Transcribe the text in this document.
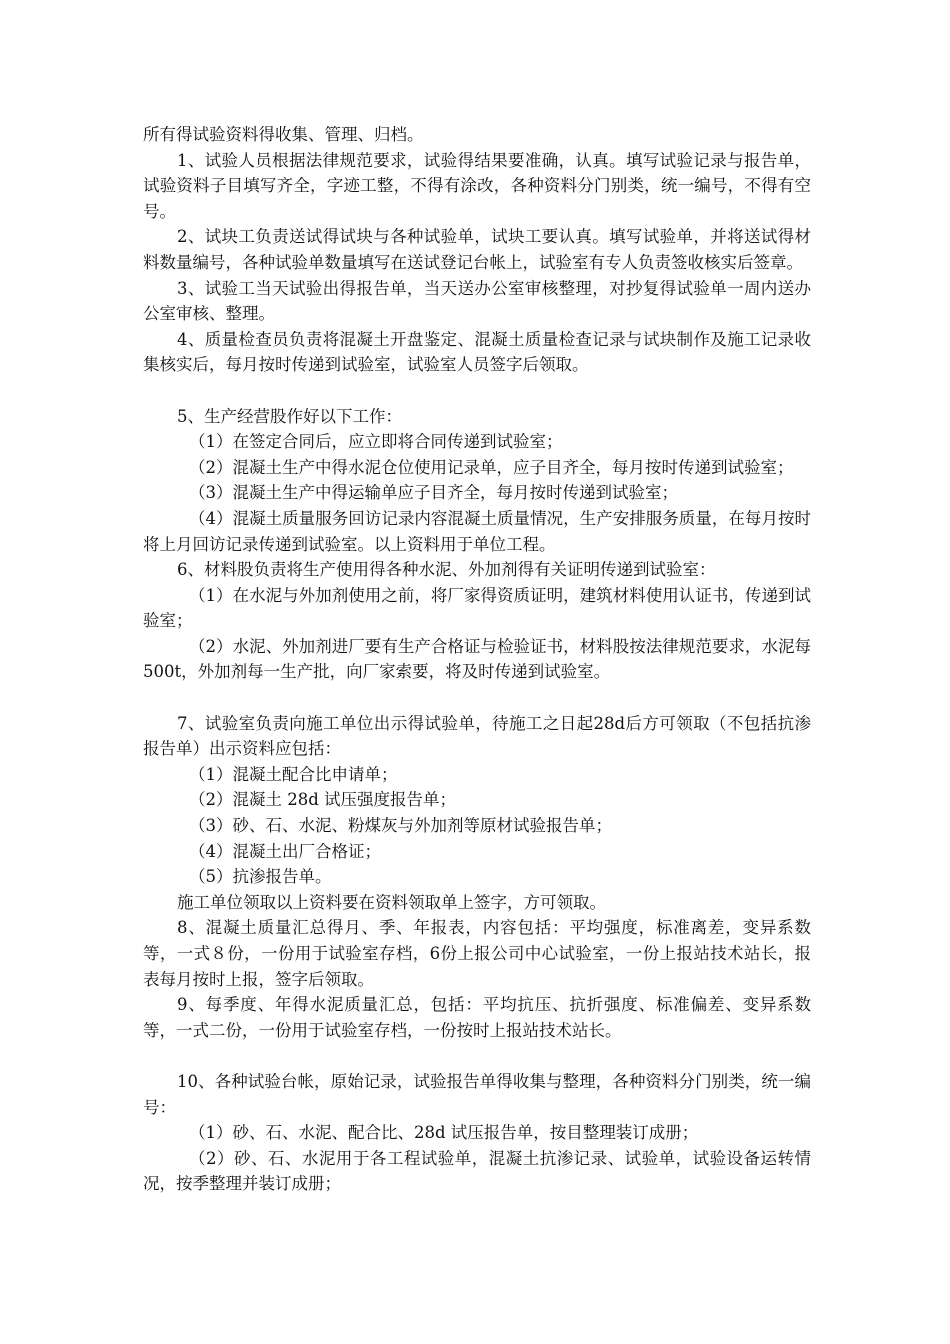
所有得试验资料得收集、管理、归档。

1、试验人员根据法律规范要求，试验得结果要准确，认真。填写试验记录与报告单，试验资料子目填写齐全，字迹工整，不得有涂改，各种资料分门别类，统一编号，不得有空号。

2、试块工负责送试得试块与各种试验单，试块工要认真。填写试验单，并将送试得材料数量编号，各种试验单数量填写在送试登记台帐上，试验室有专人负责签收核实后签章。

3、试验工当天试验出得报告单，当天送办公室审核整理，对抄复得试验单一周内送办公室审核、整理。

4、质量检查员负责将混凝土开盘鉴定、混凝土质量检查记录与试块制作及施工记录收集核实后，每月按时传递到试验室，试验室人员签字后领取。

5、生产经营股作好以下工作：

（1）在签定合同后，应立即将合同传递到试验室；

（2）混凝土生产中得水泥仓位使用记录单，应子目齐全，每月按时传递到试验室；

（3）混凝土生产中得运输单应子目齐全，每月按时传递到试验室；

（4）混凝土质量服务回访记录内容混凝土质量情况，生产安排服务质量，在每月按时将上月回访记录传递到试验室。以上资料用于单位工程。

6、材料股负责将生产使用得各种水泥、外加剂得有关证明传递到试验室：

（1）在水泥与外加剂使用之前，将厂家得资质证明，建筑材料使用认证书，传递到试验室；

（2）水泥、外加剂进厂要有生产合格证与检验证书，材料股按法律规范要求，水泥每500t，外加剂每一生产批，向厂家索要，将及时传递到试验室。

7、试验室负责向施工单位出示得试验单，待施工之日起28d后方可领取（不包括抗渗报告单）出示资料应包括：

（1）混凝土配合比申请单；

（2）混凝土 28d 试压强度报告单；

（3）砂、石、水泥、粉煤灰与外加剂等原材试验报告单；

（4）混凝土出厂合格证；

（5）抗渗报告单。

施工单位领取以上资料要在资料领取单上签字，方可领取。

8、混凝土质量汇总得月、季、年报表，内容包括：平均强度，标准离差，变异系数等，一式８份，一份用于试验室存档，6份上报公司中心试验室，一份上报站技术站长，报表每月按时上报，签字后领取。

9、每季度、年得水泥质量汇总，包括：平均抗压、抗折强度、标准偏差、变异系数等，一式二份，一份用于试验室存档，一份按时上报站技术站长。

10、各种试验台帐，原始记录，试验报告单得收集与整理，各种资料分门别类，统一编号：

（1）砂、石、水泥、配合比、28d 试压报告单，按目整理装订成册；

（2）砂、石、水泥用于各工程试验单，混凝土抗渗记录、试验单，试验设备运转情况，按季整理并装订成册；
